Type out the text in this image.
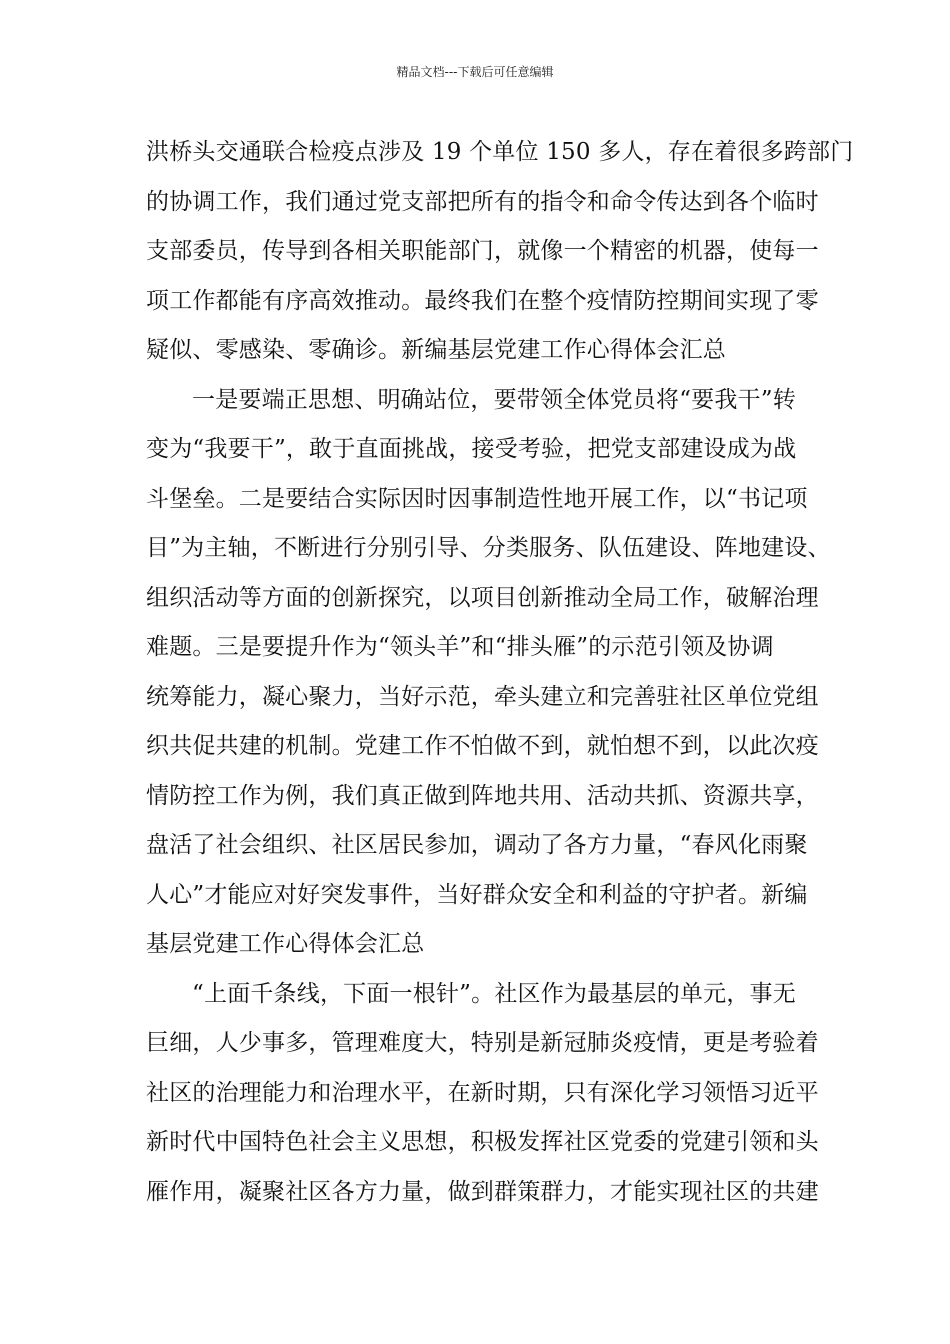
精品文档---下载后可任意编辑
洪桥头交通联合检疫点涉及 19 个单位 150 多人，存在着很多跨部门
的协调工作，我们通过党支部把所有的指令和命令传达到各个临时
支部委员，传导到各相关职能部门，就像一个精密的机器，使每一
项工作都能有序高效推动。最终我们在整个疫情防控期间实现了零
疑似、零感染、零确诊。新编基层党建工作心得体会汇总
一是要端正思想、明确站位，要带领全体党员将“要我干”转
变为“我要干”，敢于直面挑战，接受考验，把党支部建设成为战
斗堡垒。二是要结合实际因时因事制造性地开展工作，以“书记项
目”为主轴，不断进行分别引导、分类服务、队伍建设、阵地建设、
组织活动等方面的创新探究，以项目创新推动全局工作，破解治理
难题。三是要提升作为“领头羊”和“排头雁”的示范引领及协调
统筹能力，凝心聚力，当好示范，牵头建立和完善驻社区单位党组
织共促共建的机制。党建工作不怕做不到，就怕想不到，以此次疫
情防控工作为例，我们真正做到阵地共用、活动共抓、资源共享，
盘活了社会组织、社区居民参加，调动了各方力量，“春风化雨聚
人心”才能应对好突发事件，当好群众安全和利益的守护者。新编
基层党建工作心得体会汇总
“上面千条线，下面一根针”。社区作为最基层的单元，事无
巨细，人少事多，管理难度大，特别是新冠肺炎疫情，更是考验着
社区的治理能力和治理水平，在新时期，只有深化学习领悟习近平
新时代中国特色社会主义思想，积极发挥社区党委的党建引领和头
雁作用，凝聚社区各方力量，做到群策群力，才能实现社区的共建
